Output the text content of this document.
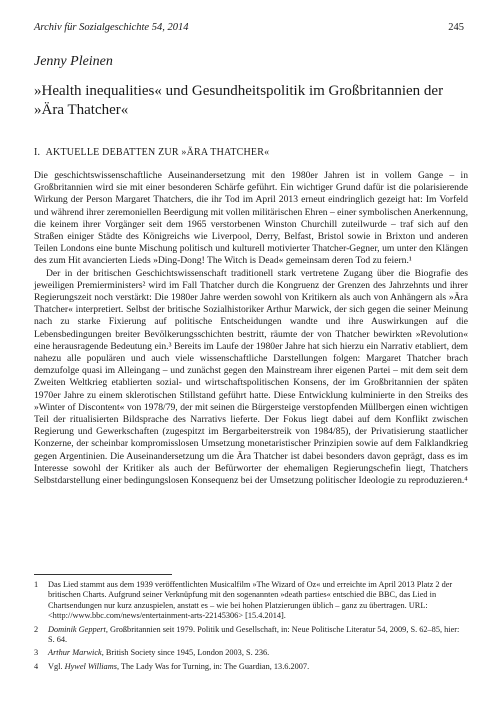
Archiv für Sozialgeschichte 54, 2014	245
Jenny Pleinen
»Health inequalities« und Gesundheitspolitik im Großbritannien der »Ära Thatcher«
I. AKTUELLE DEBATTEN ZUR »ÄRA THATCHER«

Die geschichtswissenschaftliche Auseinandersetzung mit den 1980er Jahren ist in vollem Gange – in Großbritannien wird sie mit einer besonderen Schärfe geführt. Ein wichtiger Grund dafür ist die polarisierende Wirkung der Person Margaret Thatchers, die ihr Tod im April 2013 erneut eindringlich gezeigt hat: Im Vorfeld und während ihrer zeremoniellen Beerdigung mit vollen militärischen Ehren – einer symbolischen Anerkennung, die keinem ihrer Vorgänger seit dem 1965 verstorbenen Winston Churchill zuteilwurde – traf sich auf den Straßen einiger Städte des Königreichs wie Liverpool, Derry, Belfast, Bristol sowie in Brixton und anderen Teilen Londons eine bunte Mischung politisch und kulturell motivierter Thatcher-Gegner, um unter den Klängen des zum Hit avancierten Lieds »Ding-Dong! The Witch is Dead« gemeinsam deren Tod zu feiern.¹

Der in der britischen Geschichtswissenschaft traditionell stark vertretene Zugang über die Biografie des jeweiligen Premierministers² wird im Fall Thatcher durch die Kongruenz der Grenzen des Jahrzehnts und ihrer Regierungszeit noch verstärkt: Die 1980er Jahre werden sowohl von Kritikern als auch von Anhängern als »Ära Thatcher« interpretiert. Selbst der britische Sozialhistoriker Arthur Marwick, der sich gegen die seiner Meinung nach zu starke Fixierung auf politische Entscheidungen wandte und ihre Auswirkungen auf die Lebensbedingungen breiter Bevölkerungsschichten bestritt, räumte der von Thatcher bewirkten »Revolution« eine herausragende Bedeutung ein.³ Bereits im Laufe der 1980er Jahre hat sich hierzu ein Narrativ etabliert, dem nahezu alle populären und auch viele wissenschaftliche Darstellungen folgen: Margaret Thatcher brach demzufolge quasi im Alleingang – und zunächst gegen den Mainstream ihrer eigenen Partei – mit dem seit dem Zweiten Weltkrieg etablierten sozial- und wirtschaftspolitischen Konsens, der im Großbritannien der späten 1970er Jahre zu einem sklerotischen Stillstand geführt hatte. Diese Entwicklung kulminierte in den Streiks des »Winter of Discontent« von 1978/79, der mit seinen die Bürgersteige verstopfenden Müllbergen einen wichtigen Teil der ritualisierten Bildsprache des Narrativs lieferte. Der Fokus liegt dabei auf dem Konflikt zwischen Regierung und Gewerkschaften (zugespitzt im Bergarbeiterstreik von 1984/85), der Privatisierung staatlicher Konzerne, der scheinbar kompromisslosen Umsetzung monetaristischer Prinzipien sowie auf dem Falklandkrieg gegen Argentinien. Die Auseinandersetzung um die Ära Thatcher ist dabei besonders davon geprägt, dass es im Interesse sowohl der Kritiker als auch der Befürworter der ehemaligen Regierungschefin liegt, Thatchers Selbstdarstellung einer bedingungslosen Konsequenz bei der Umsetzung politischer Ideologie zu reproduzieren.⁴

1 Das Lied stammt aus dem 1939 veröffentlichten Musicalfilm »The Wizard of Oz« und erreichte im April 2013 Platz 2 der britischen Charts. Aufgrund seiner Verknüpfung mit den sogenannten »death parties« entschied die BBC, das Lied in Chartsendungen nur kurz anzuspielen, anstatt es – wie bei hohen Platzierungen üblich – ganz zu übertragen. URL: <http://www.bbc.com/news/entertainment-arts-22145306> [15.4.2014].
2 Dominik Geppert, Großbritannien seit 1979. Politik und Gesellschaft, in: Neue Politische Literatur 54, 2009, S. 62–85, hier: S. 64.
3 Arthur Marwick, British Society since 1945, London 2003, S. 236.
4 Vgl. Hywel Williams, The Lady Was for Turning, in: The Guardian, 13.6.2007.
